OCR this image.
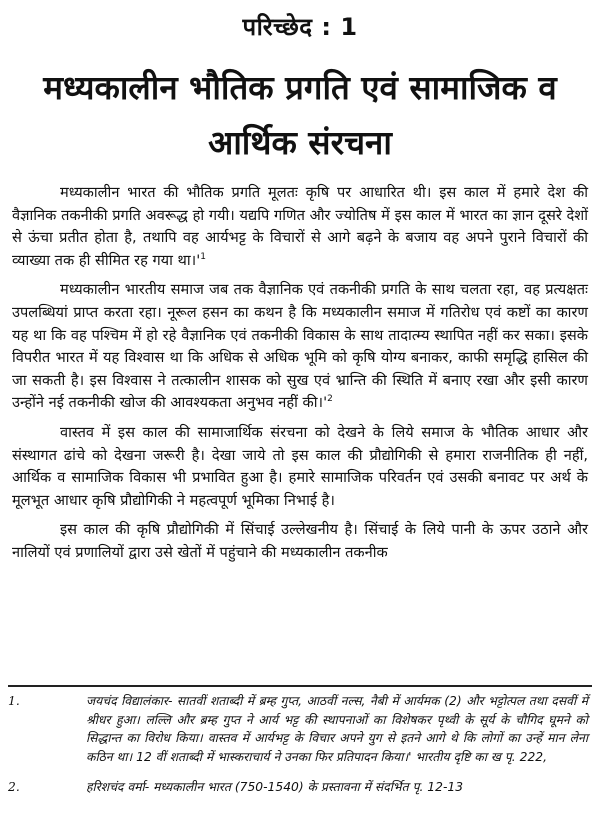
परिच्छेद : 1
मध्यकालीन भौतिक प्रगति एवं सामाजिक व
आर्थिक संरचना

मध्यकालीन भारत की भौतिक प्रगति मूलतः कृषि पर आधारित थी। इस काल में हमारे देश की वैज्ञानिक तकनीकी प्रगति अवरूद्ध हो गयी। यद्यपि गणित और ज्योतिष में इस काल में भारत का ज्ञान दूसरे देशों से ऊंचा प्रतीत होता है, तथापि वह आर्यभट्ट के विचारों से आगे बढ़ने के बजाय वह अपने पुराने विचारों की व्याख्या तक ही सीमित रह गया $था।'^1$

मध्यकालीन भारतीय समाज जब तक वैज्ञानिक एवं तकनीकी प्रगति के साथ चलता रहा, वह प्रत्यक्षतः उपलब्धियां प्राप्त करता रहा। नूरूल हसन का कथन है कि मध्यकालीन समाज में गतिरोध एवं कष्टों का कारण यह था कि वह पश्चिम में हो रहे वैज्ञानिक एवं तकनीकी विकास के साथ तादात्म्य स्थापित नहीं कर सका। इसके विपरीत भारत में यह विश्वास था कि अधिक से अधिक भूमि को कृषि योग्य बनाकर, काफी समृद्धि हासिल की जा सकती है। इस विश्वास ने तत्कालीन शासक को सुख एवं भ्रान्ति की स्थिति में बनाए रखा और इसी कारण उन्होंने नई तकनीकी खोज की आवश्यकता अनुभव नहीं $की।'^2$

वास्तव में इस काल की सामाजार्थिक संरचना को देखने के लिये समाज के भौतिक आधार और संस्थागत ढांचे को देखना जरूरी है। देखा जाये तो इस काल की प्रौद्योगिकी से हमारा राजनीतिक ही नहीं, आर्थिक व सामाजिक विकास भी प्रभावित हुआ है। हमारे सामाजिक परिवर्तन एवं उसकी बनावट पर अर्थ के मूलभूत आधार कृषि प्रौद्योगिकी ने महत्वपूर्ण भूमिका निभाई है।

इस काल की कृषि प्रौद्योगिकी में सिंचाई उल्लेखनीय है। सिंचाई के लिये पानी के ऊपर उठाने और नालियों एवं प्रणालियों द्वारा उसे खेतों में पहुंचाने की मध्यकालीन तकनीक

1.	जयचंद विद्यालंकार- सातवीं शताब्दी में ब्रम्ह गुप्त, आठवीं नल्स, नैबी में आर्यमक (2) और भट्टोत्पल तथा दसवीं में श्रीधर हुआ। लल्लि और ब्रम्ह गुप्त ने आर्य भट्ट की स्थापनाओं का विशेषकर पृथ्वी के सूर्य के चौगिद घूमने को सिद्धान्त का विरोध किया। वास्तव में आर्यभट्ट के विचार अपने युग से इतने आगे थे कि लोगों का उन्हें मान लेना कठिन था। 12 वीं शताब्दी में भास्कराचार्य ने उनका फिर प्रतिपादन किया।' भारतीय दृष्टि का ख पृ. 222,
2.	हरिशचंद वर्मा- मध्यकालीन भारत (750-1540) के प्रस्तावना में संदर्भित पृ. 12-13
